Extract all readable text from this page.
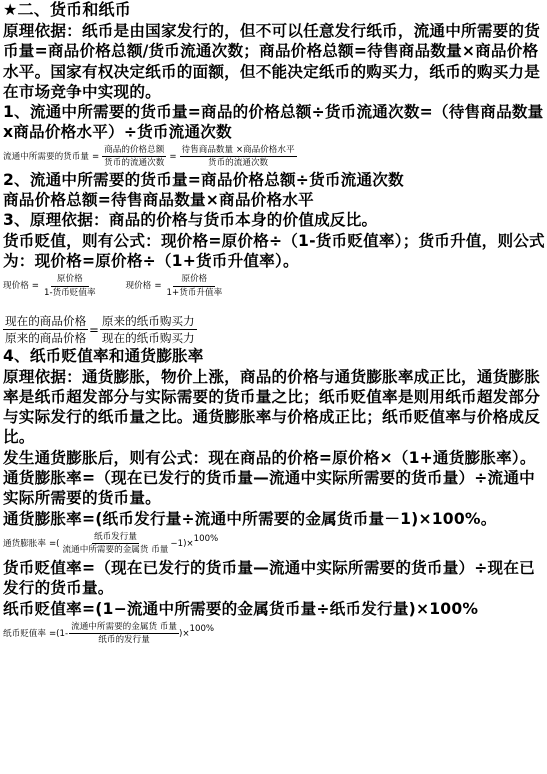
★二、货币和纸币

原理依据：纸币是由国家发行的，但不可以任意发行纸币，流通中所需要的货币量=商品价格总额/货币流通次数；商品价格总额=待售商品数量×商品价格水平。国家有权决定纸币的面额，但不能决定纸币的购买力，纸币的购买力是在市场竞争中实现的。

1、流通中所需要的货币量=商品的价格总额÷货币流通次数=（待售商品数量ⅹ商品价格水平）÷货币流通次数

流通中所需要的货币量 = $\frac{\text{商品的价格总额}}{\text{货币的流通次数}} = \frac{\text{待售商品数量 ×商品价格水平}}{\text{货币的流通次数}}$

2、流通中所需要的货币量=商品价格总额÷货币流通次数

商品价格总额=待售商品数量×商品价格水平

3、原理依据：商品的价格与货币本身的价值成反比。

货币贬值，则有公式：现价格=原价格÷（1-货币贬值率）；货币升值，则公式为：现价格=原价格÷（1+货币升值率）。

现价格 = $\frac{\text{原价格}}{\text{1-货币贬值率}}$	现价格 = $\frac{\text{原价格}}{\text{1+货币升值率}}$
$\frac{\text{现在的商品价格}}{\text{原来的商品价格}} = \frac{\text{原来的纸币购买力}}{\text{现在的纸币购买力}}$

4、纸币贬值率和通货膨胀率

原理依据：通货膨胀，物价上涨，商品的价格与通货膨胀率成正比，通货膨胀率是纸币超发部分与实际需要的货币量之比；纸币贬值率是则用纸币超发部分与实际发行的纸币量之比。通货膨胀率与价格成正比；纸币贬值率与价格成反比。

发生通货膨胀后，则有公式：现在商品的价格=原价格×（1+通货膨胀率）。

通货膨胀率=（现在已发行的货币量—流通中实际所需要的货币量）÷流通中实际所需要的货币量。

通货膨胀率=(纸币发行量÷流通中所需要的金属货币量－1)×100%。

通货膨胀率 =( $\frac{\text{纸币发行量}}{\text{流通中所需要的金属货 币量}} -1)\times 100\%$

货币贬值率=（现在已发行的货币量—流通中实际所需要的货币量）÷现在已发行的货币量。

纸币贬值率=(1−流通中所需要的金属货币量÷纸币发行量)×100%

纸币贬值率 $=(1- \frac{\text{流通中所需要的金属货 币量}}{\text{纸币的发行量}}$ )× 100%
